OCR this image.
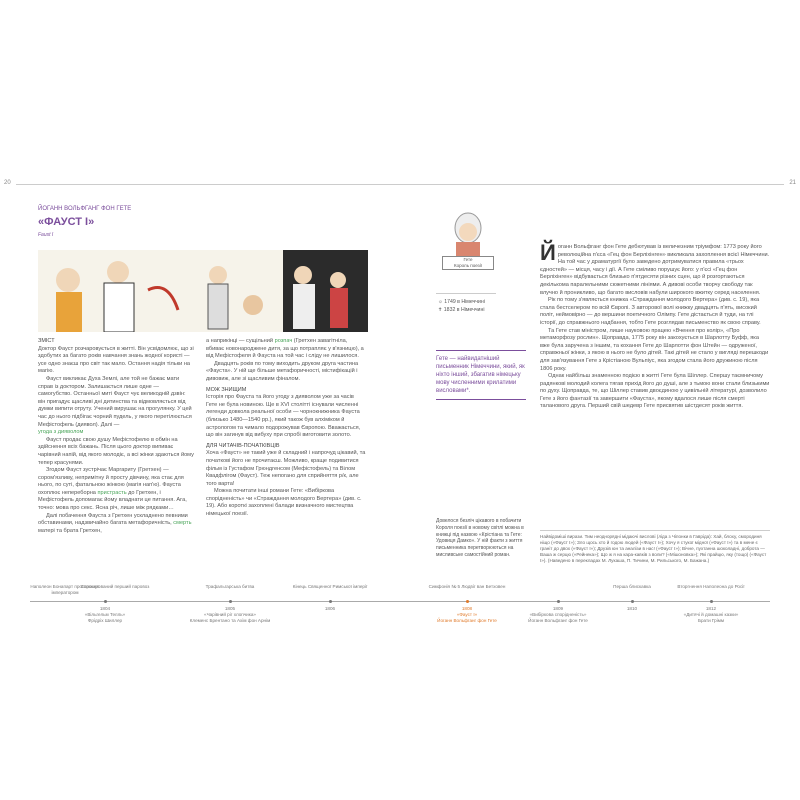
20	21
ЙОГАНН ВОЛЬФГАНГ ФОН ГЕТЕ
«ФАУСТ І»
Faust I
ЗМІСТ

Доктор Фауст розчаровується в житті. Він усвідомлює, що зі здобутих за багато років навчання знань жодної користі — усе одно знаєш про світ так мало. Остання надія тільки на магію.

Фауст викликає Духа Землі, але той не бажає мати справ із доктором. Залишається лише одне — самогубство. Останньої миті Фауст чує великодній дзвін: він пригадує щасливі дні дитинства та відмовляється від думки випити отруту. Учений вирушає на прогулянку. У цей час до нього підбігає чорний пудель, у якого перетілюється Мефістофель (диявол). Далі —

угода з дияволом

Фауст продає свою душу Мефістофелю в обмін на здійснення всіх бажань. Після цього доктор випиває чарівний напій, від якого молодіє, а всі жінки здаються йому тепер красунями.

Згодом Фауст зустрічає Маргариту (Гретхен) — сором'язливу, непримітну й просту дівчину, яка стає для нього, по суті, фатальною жінкою (магія нап'ю). Фауста охоплює непереборна пристрасть до Гретхен, і Мефістофель допомагає йому владнати це питання. Ага, точно: мова про секс. Ясна річ, лише між рядками…

Далі побачення Фауста з Гретхен ускладнено певними обставинами, надзвичайно багата метафоричність, смерть матері та брата Гретхен,

а наприкінці — сущільний розпач (Гретхен завагітніла, вбиває новонароджене дитя, за що потрапляє у в'язницю), а від Мефістофеля й Фауста на той час і сліду не лишилося.

Двадцять років по тому виходить друком друга частина «Фауста». У ній ще більше метафоричності, містифікацій і дивовиж, але зі щасливим фіналом.

МОЖ ЗНИЩИМ

Історія про Фауста та його угоду з дияволом уже за часів Гете не була новиною. Ще в XVI столітті існували численні легенди довкола реальної особи — чорнокнижника Фауста (близько 1480—1540 рр.), який також був алхіміком й астрологом та чимало подорожував Європою. Вважається, що він загинув від вибуху при спробі виготовити золото.

ДЛЯ ЧИТАЧІВ-ПОЧАТКІВЦІВ

Хоча «Фауст» не такий уже й складний і напрочуд цікавий, та початкові його не прочитаєш. Можливо, краще подивитися фільм із Густафом Грюндгенсом (Мефістофель) та Вілом Квадфлігом (Фауст). Теж непогано для сприйняття р/к, але того варта!

Можна почитати інші романи Гете: «Вибіркова спорідненість» чи «Страждання молодого Вертера» (див. с. 19). Або короткі захоплені балади визначного мистецтва німецької поезії.

Гете
Король поезії
☼ 1749 в Німеччині
✝ 1832 в Німеччині
Гете — найвидатніший письменник Німеччини, який, як ніхто інший, збагатив німецьку мову численними крилатими висловами*.
Довелося безліч цікавого в побачити Короля поезії в новому світлі можна в книжці під назвою «Крістіана та Гете: Удовиця Дамко». У ній факти з життя письменника перетворюються на мисливське самостійний роман.

Йоганн Вольфганг фон Гете дебютував із величезним тріумфом: 1773 року його революційна п'єса «Гец фон Берліхінген» викликала захоплення всієї Німеччини. На той час у драматургії було заведено дотримуватися правила «трьох єдностей» — місця, часу і дії. А Гете сміливо порушує його: у п'єсі «Гец фон Берліхінген» відбувається близько п'ятдесяти різних сцен, що й розгортаються декількома паралельними сюжетними лініями. А дивові особи творчу свободу так влучно й проникливо, що багато висловів набули широкого вжитку серед населення.

Рік по тому з'являється книжка «Страждання молодого Вертера» (див. с. 19), яка стала бестселером по всій Європі. З авторової волі книжку двадцять п'ять, високий політ, неймовірно — до вершини поетичного Олімпу. Гете дістається й туди, на тлі історії, до справжнього надбання, тобто Гете розглядав письменство як свою справу.

Та Гете став міністром, лише науковою працею «Вчення про колір», «Про метаморфозу рослин». Щоправда, 1775 року він закохується в Шарлотту Буфф, яка вже була заручена з іншим, та кохання Гете до Шарлотти фон Штейн — одруженої, справжньої жінки, з якою в нього не було дітей. Такі дітей не стало у вигляді перешкоди для зав'язування Гете з Крістіаною Вульпіус, яка згодом стала його дружиною після 1806 року.

Однак найбільш знаменною подією в житті Гете була Шіллер. Спершу таємничому радянкові молодий колега тягав прихід його до душі, але з тьмою вони стали близькими по духу. Щоправда, те, що Шіллер ставив двоєдиною у цивільній літературі, дозволило Гете з його фантазії та завершити «Фауста», якому вдалося лише після смерті таланового друга. Перший свій шедевр Гете присвятив шістдесят років життя.

Найвідоміші вирази. Тим неоднорядні мідаючі вислові (ліда з Чіпонки в Гавріда): Хай, блоху, смородиня ніщо («Фауст І»); Зло щось хто й годою людей («Фауст І»); Хочу я стукої мідної («Фауст І») та в мене є граніт до двох («Фауст І»); Друзів юн та аналізи в нас! («Фауст І»); Вічне, пухтанна шоколадні, доброта — Ваша ж серцю («Рейнека»); Що ж я на кара-кавків з воли? («Мішоновка»); Які прайцю, яку (тощо) («Фауст І»). (Наведено в перекладах М. Лукаша, П. Тичини, М. Рильського, М. Бажана.)
Наполеон Бонапарт проголошує імператором
Спроєктований перший паровоз	Трафальгарська битва	Кінець Священної Римської імперії	Симфонія № 5 Людвіг ван Бетховен	Перша блискавка	Вторгнення Наполеона до Росії
1804
«Вільгельм Телль»
Фрідріх Шиллер
1805
«Чарівний ріг хлопчика»
Клеменс Брентано та Ахім фон Арнім
1806	1808
«Фауст I»
Йоганн Вольфганг фон Гете
1809
«Вибіркова спорідненість»
Йоганн Вольфганг фон Гете
1810	1812
«Дитячі й домашні казки»
Брати Грімм
